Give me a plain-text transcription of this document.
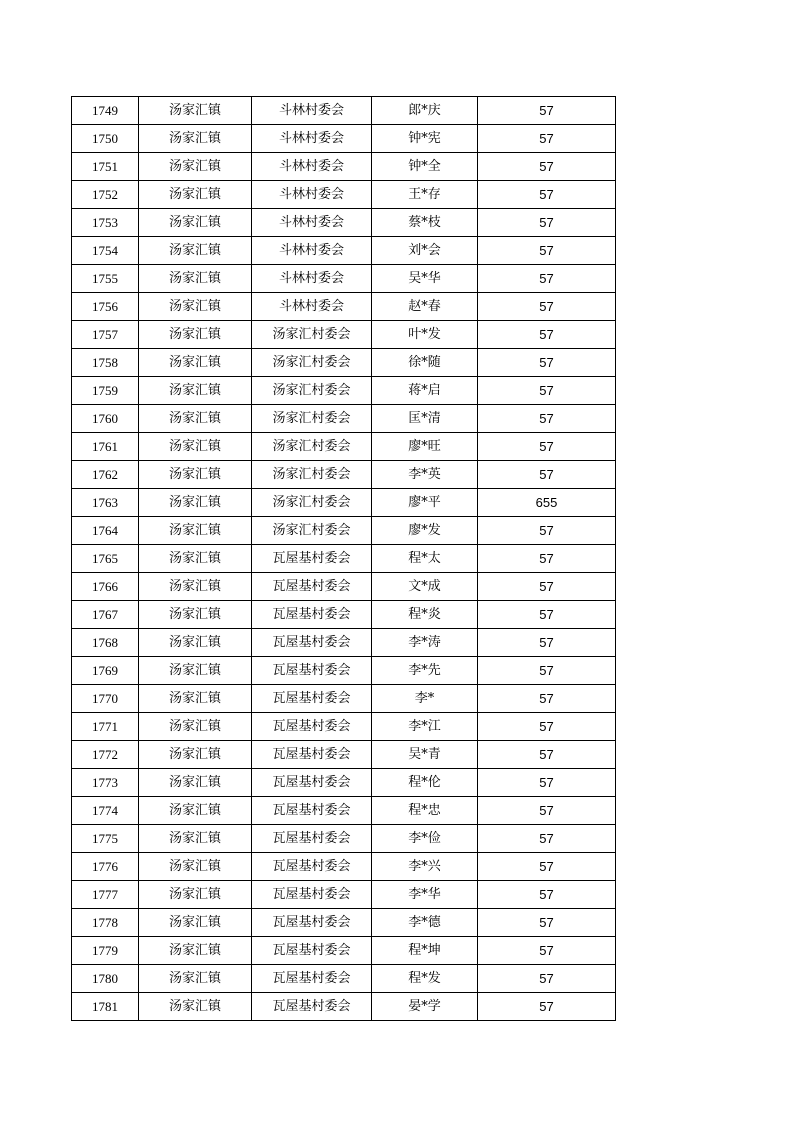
1749	汤家汇镇	斗林村委会	郎*庆	57
1750	汤家汇镇	斗林村委会	钟*宪	57
1751	汤家汇镇	斗林村委会	钟*全	57
1752	汤家汇镇	斗林村委会	王*存	57
1753	汤家汇镇	斗林村委会	蔡*枝	57
1754	汤家汇镇	斗林村委会	刘*会	57
1755	汤家汇镇	斗林村委会	吴*华	57
1756	汤家汇镇	斗林村委会	赵*春	57
1757	汤家汇镇	汤家汇村委会	叶*发	57
1758	汤家汇镇	汤家汇村委会	徐*随	57
1759	汤家汇镇	汤家汇村委会	蒋*启	57
1760	汤家汇镇	汤家汇村委会	匡*清	57
1761	汤家汇镇	汤家汇村委会	廖*旺	57
1762	汤家汇镇	汤家汇村委会	李*英	57
1763	汤家汇镇	汤家汇村委会	廖*平	655
1764	汤家汇镇	汤家汇村委会	廖*发	57
1765	汤家汇镇	瓦屋基村委会	程*太	57
1766	汤家汇镇	瓦屋基村委会	文*成	57
1767	汤家汇镇	瓦屋基村委会	程*炎	57
1768	汤家汇镇	瓦屋基村委会	李*涛	57
1769	汤家汇镇	瓦屋基村委会	李*先	57
1770	汤家汇镇	瓦屋基村委会	李*	57
1771	汤家汇镇	瓦屋基村委会	李*江	57
1772	汤家汇镇	瓦屋基村委会	吴*青	57
1773	汤家汇镇	瓦屋基村委会	程*伦	57
1774	汤家汇镇	瓦屋基村委会	程*忠	57
1775	汤家汇镇	瓦屋基村委会	李*俭	57
1776	汤家汇镇	瓦屋基村委会	李*兴	57
1777	汤家汇镇	瓦屋基村委会	李*华	57
1778	汤家汇镇	瓦屋基村委会	李*德	57
1779	汤家汇镇	瓦屋基村委会	程*坤	57
1780	汤家汇镇	瓦屋基村委会	程*发	57
1781	汤家汇镇	瓦屋基村委会	晏*学	57
